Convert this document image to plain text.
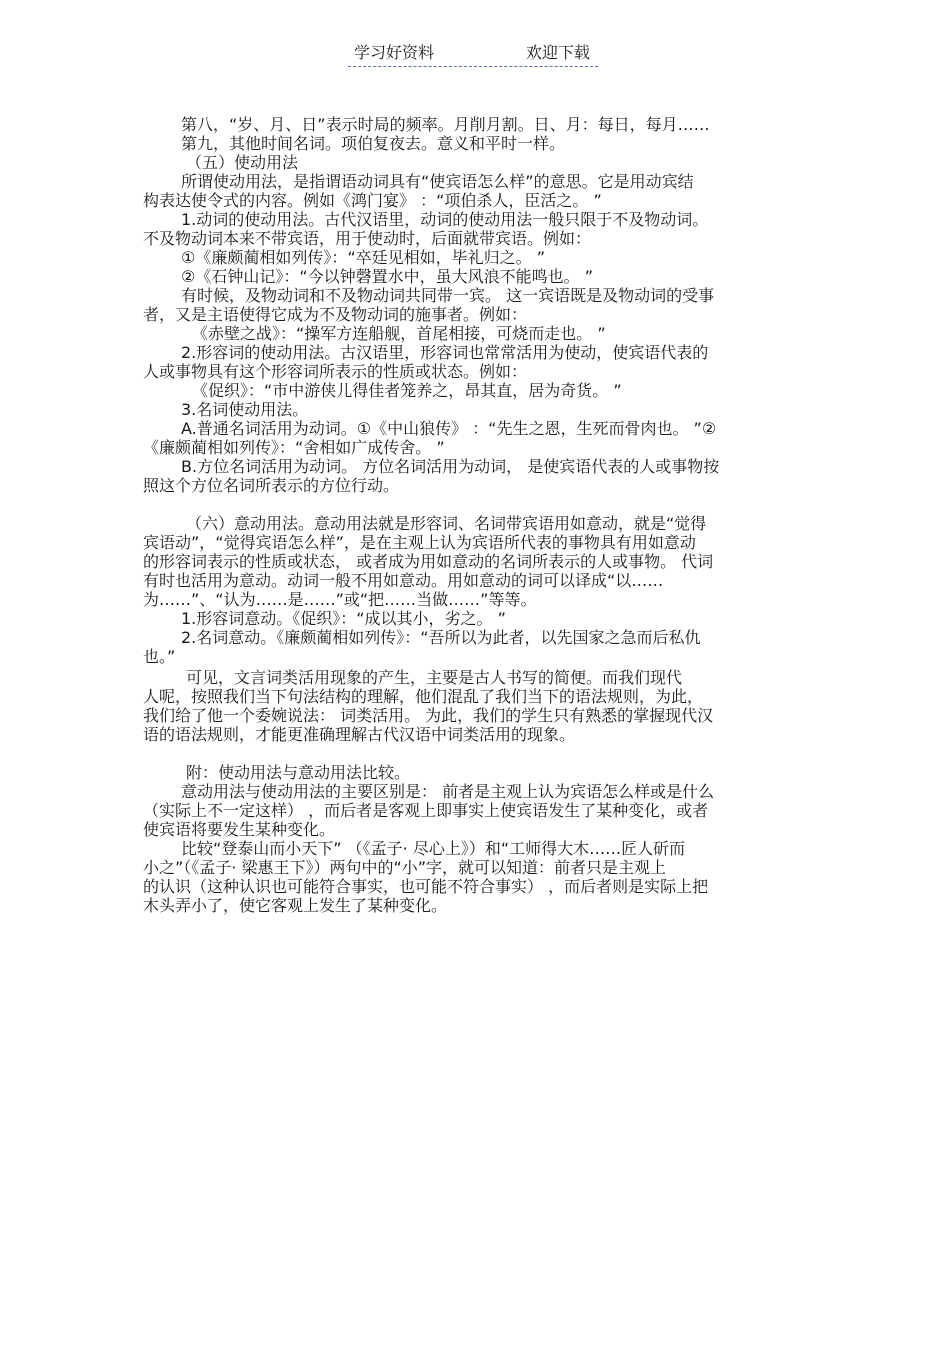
学习好资料	欢迎下载
第八，“岁、月、日”表示时局的频率。月削月割。日、月：每日，每月……
第九，其他时间名词。项伯复夜去。意义和平时一样。
（五）使动用法
所谓使动用法，是指谓语动词具有“使宾语怎么样”的意思。它是用动宾结
构表达使令式的内容。例如《鸿门宴》 ：“项伯杀人，臣活之。 ”
1.动词的使动用法。古代汉语里，动词的使动用法一般只限于不及物动词。
不及物动词本来不带宾语，用于使动时，后面就带宾语。例如：
①《廉颇蔺相如列传》：“卒廷见相如，毕礼归之。 ”
②《石钟山记》：“今以钟磬置水中，虽大风浪不能鸣也。 ”
有时候，及物动词和不及物动词共同带一宾。 这一宾语既是及物动词的受事
者，又是主语使得它成为不及物动词的施事者。例如：
《赤壁之战》：“操军方连船舰，首尾相接，可烧而走也。 ”
2.形容词的使动用法。古汉语里，形容词也常常活用为使动，使宾语代表的
人或事物具有这个形容词所表示的性质或状态。例如：
《促织》：“市中游侠儿得佳者笼养之，昂其直，居为奇货。 ”
3.名词使动用法。
A.普通名词活用为动词。①《中山狼传》 ：“先生之恩，生死而骨肉也。 ”②
《廉颇蔺相如列传》：“舍相如广成传舍。 ”
B.方位名词活用为动词。 方位名词活用为动词， 是使宾语代表的人或事物按
照这个方位名词所表示的方位行动。
（六）意动用法。意动用法就是形容词、名词带宾语用如意动，就是“觉得
宾语动”，“觉得宾语怎么样”，是在主观上认为宾语所代表的事物具有用如意动
的形容词表示的性质或状态， 或者成为用如意动的名词所表示的人或事物。 代词
有时也活用为意动。动词一般不用如意动。用如意动的词可以译成“以……
为……”、“认为……是……”或“把……当做……”等等。
1.形容词意动。《促织》：“成以其小，劣之。 ”
2.名词意动。《廉颇蔺相如列传》：“吾所以为此者，以先国家之急而后私仇
也。”
可见，文言词类活用现象的产生，主要是古人书写的简便。而我们现代
人呢，按照我们当下句法结构的理解，他们混乱了我们当下的语法规则，为此，
我们给了他一个委婉说法： 词类活用。 为此，我们的学生只有熟悉的掌握现代汉
语的语法规则，才能更准确理解古代汉语中词类活用的现象。
附：使动用法与意动用法比较。
意动用法与使动用法的主要区别是： 前者是主观上认为宾语怎么样或是什么
（实际上不一定这样） ，而后者是客观上即事实上使宾语发生了某种变化，或者
使宾语将要发生某种变化。
比较“登泰山而小天下” （《孟子· 尽心上》）和“工师得大木……匠人斫而
小之”（《孟子· 梁惠王下》）两句中的“小”字，就可以知道：前者只是主观上
的认识（这种认识也可能符合事实，也可能不符合事实） ，而后者则是实际上把
木头弄小了，使它客观上发生了某种变化。
